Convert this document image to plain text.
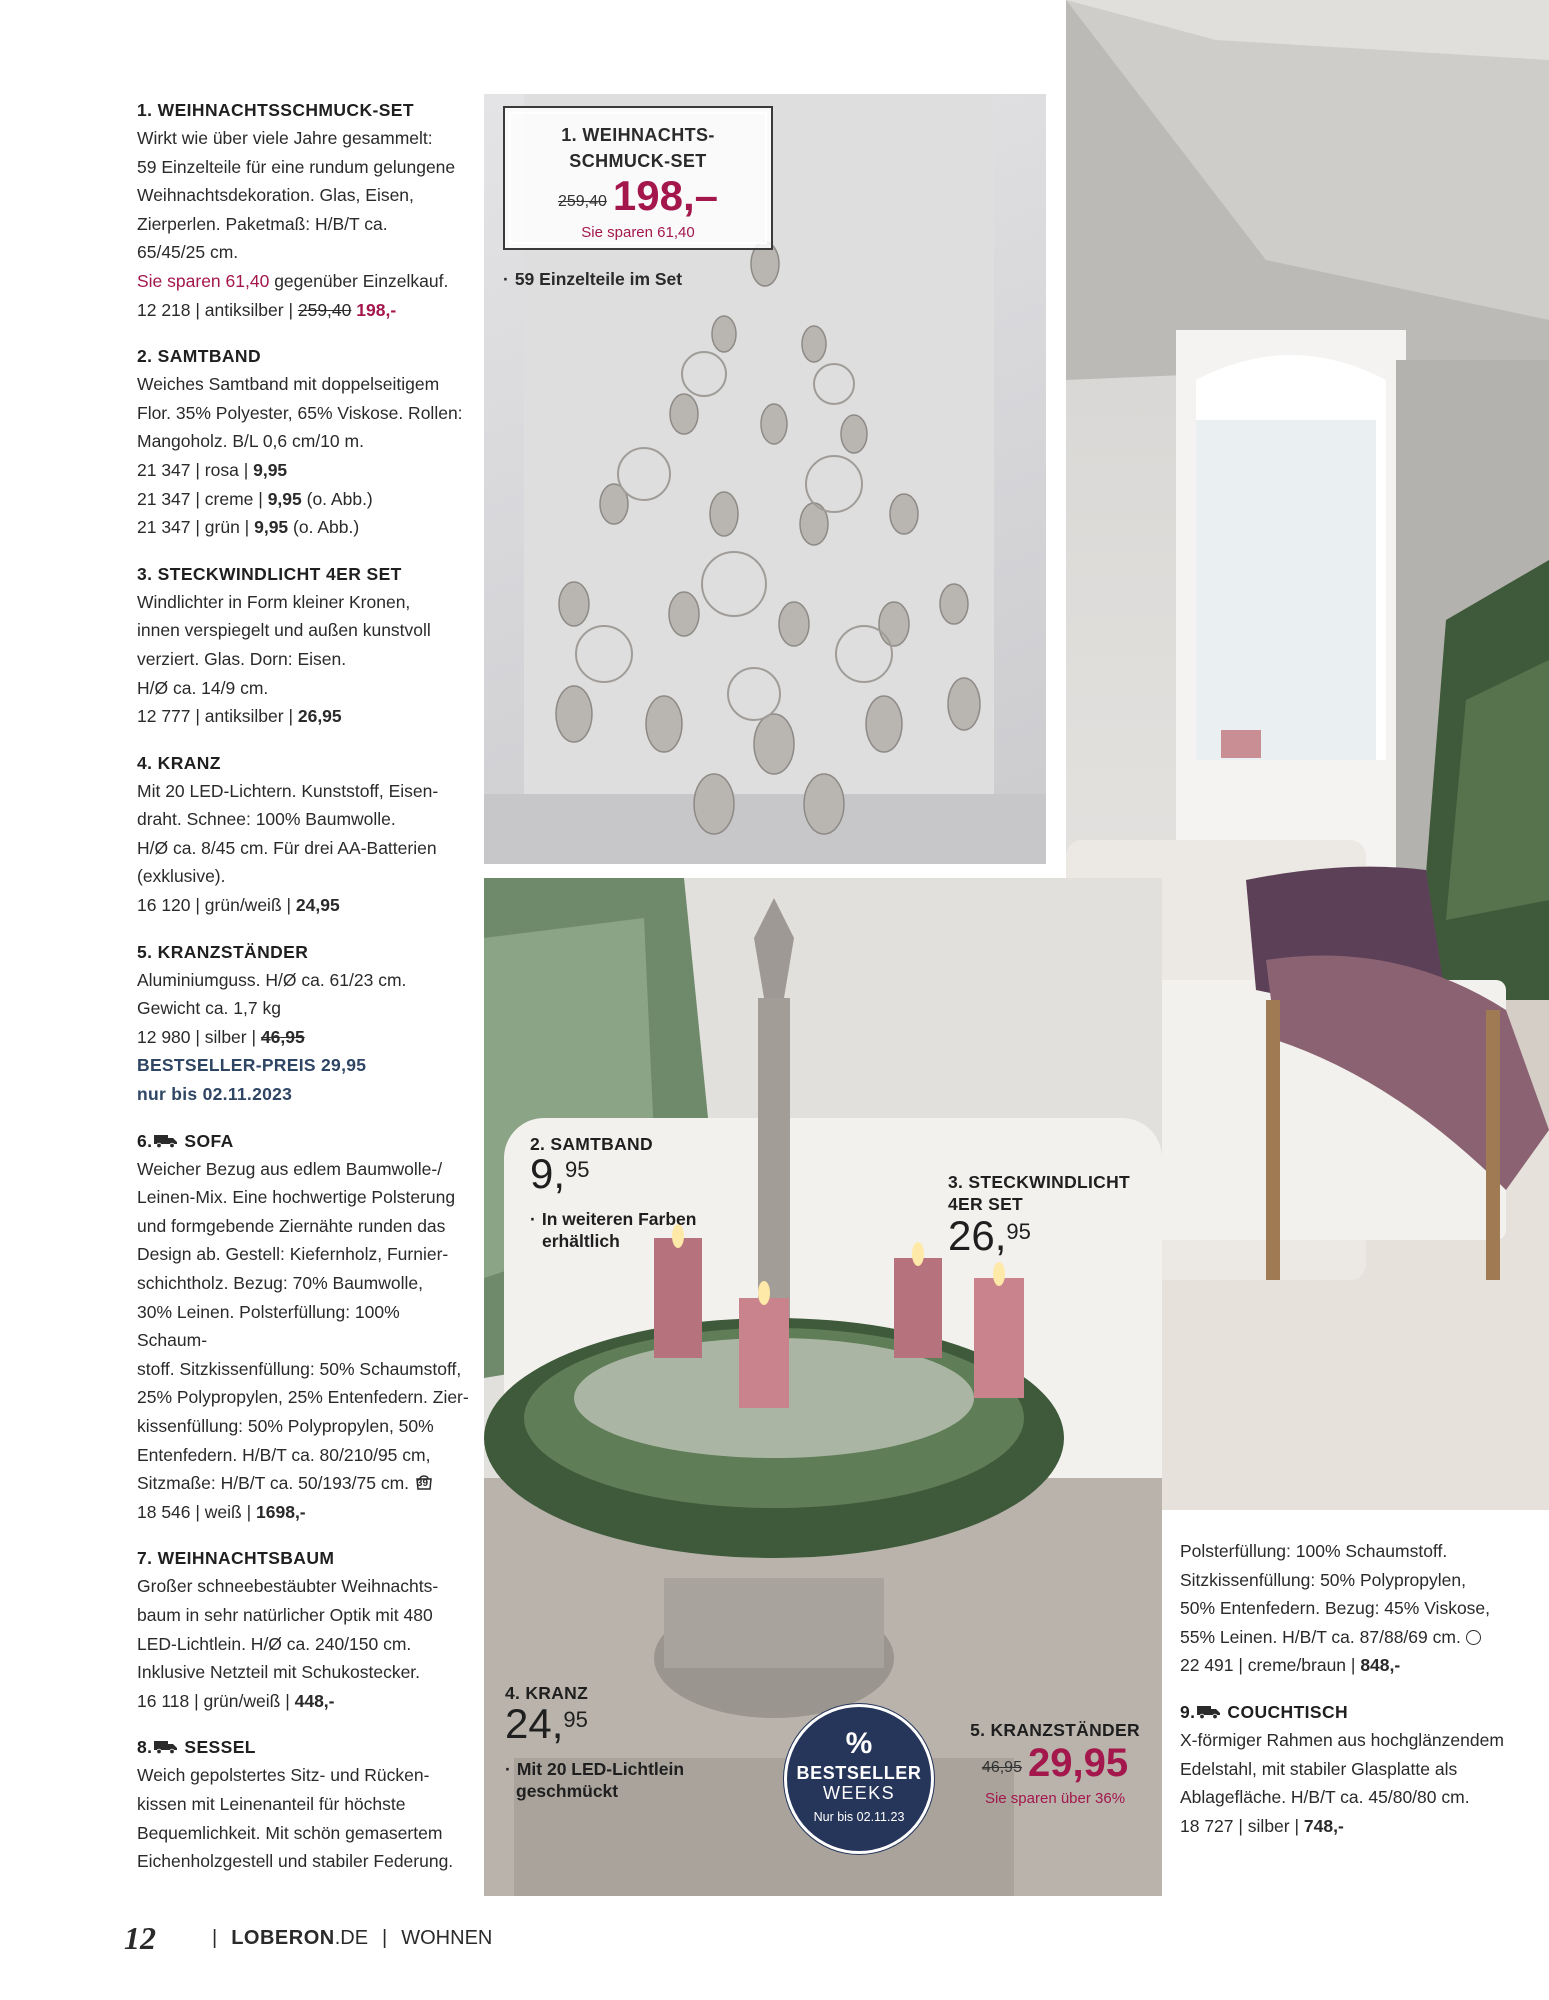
1. WEIHNACHTSSCHMUCK-SET

Wirkt wie über viele Jahre gesammelt:
59 Einzelteile für eine rundum gelungene
Weihnachtsdekoration. Glas, Eisen,
Zierperlen. Paketmaß: H/B/T ca.
65/45/25 cm.
Sie sparen 61,40 gegenüber Einzelkauf.
12 218 | antiksilber | 259,40 198,-

2. SAMTBAND

Weiches Samtband mit doppelseitigem
Flor. 35% Polyester, 65% Viskose. Rollen:
Mangoholz. B/L 0,6 cm/10 m.
21 347 | rosa | 9,95
21 347 | creme | 9,95 (o. Abb.)
21 347 | grün | 9,95 (o. Abb.)

3. STECKWINDLICHT 4ER SET

Windlichter in Form kleiner Kronen,
innen verspiegelt und außen kunstvoll
verziert. Glas. Dorn: Eisen.
H/Ø ca. 14/9 cm.
12 777 | antiksilber | 26,95

4. KRANZ

Mit 20 LED-Lichtern. Kunststoff, Eisen-
draht. Schnee: 100% Baumwolle.
H/Ø ca. 8/45 cm. Für drei AA-Batterien
(exklusive).
16 120 | grün/weiß | 24,95

5. KRANZSTÄNDER

Aluminiumguss. H/Ø ca. 61/23 cm.
Gewicht ca. 1,7 kg
12 980 | silber | 46,95
BESTSELLER-PREIS 29,95
nur bis 02.11.2023

6. SOFA

Weicher Bezug aus edlem Baumwolle-/
Leinen-Mix. Eine hochwertige Polsterung
und formgebende Ziernähte runden das
Design ab. Gestell: Kiefernholz, Furnier-
schichtholz. Bezug: 70% Baumwolle,
30% Leinen. Polsterfüllung: 100% Schaum-
stoff. Sitzkissenfüllung: 50% Schaumstoff,
25% Polypropylen, 25% Entenfedern. Zier-
kissenfüllung: 50% Polypropylen, 50%
Entenfedern. H/B/T ca. 80/210/95 cm,
Sitzmaße: H/B/T ca. 50/193/75 cm. 39
18 546 | weiß | 1698,-

7. WEIHNACHTSBAUM

Großer schneebestäubter Weihnachts-
baum in sehr natürlicher Optik mit 480
LED-Lichtlein. H/Ø ca. 240/150 cm.
Inklusive Netzteil mit Schukostecker.
16 118 | grün/weiß | 448,-

8. SESSEL

Weich gepolstertes Sitz- und Rücken-
kissen mit Leinenanteil für höchste
Bequemlichkeit. Mit schön gemasertem
Eichenholzgestell und stabiler Federung.

1. WEIHNACHTS-
SCHMUCK-SET
259,40 198,–
Sie sparen 61,40
· 59 Einzelteile im Set
2. SAMTBAND
9,95
· In weiteren Farben
erhältlich
3. STECKWINDLICHT
4ER SET
26,95
4. KRANZ
24,95
· Mit 20 LED-Lichtlein
geschmückt
%
BESTSELLER
WEEKS
Nur bis 02.11.23
5. KRANZSTÄNDER
46,95 29,95
Sie sparen über 36%

Polsterfüllung: 100% Schaumstoff.
Sitzkissenfüllung: 50% Polypropylen,
50% Entenfedern. Bezug: 45% Viskose,
55% Leinen. H/B/T ca. 87/88/69 cm.
22 491 | creme/braun | 848,-

9. COUCHTISCH

X-förmiger Rahmen aus hochglänzendem
Edelstahl, mit stabiler Glasplatte als
Ablagefläche. H/B/T ca. 45/80/80 cm.
18 727 | silber | 748,-

12	| LOBERON.DE | WOHNEN
